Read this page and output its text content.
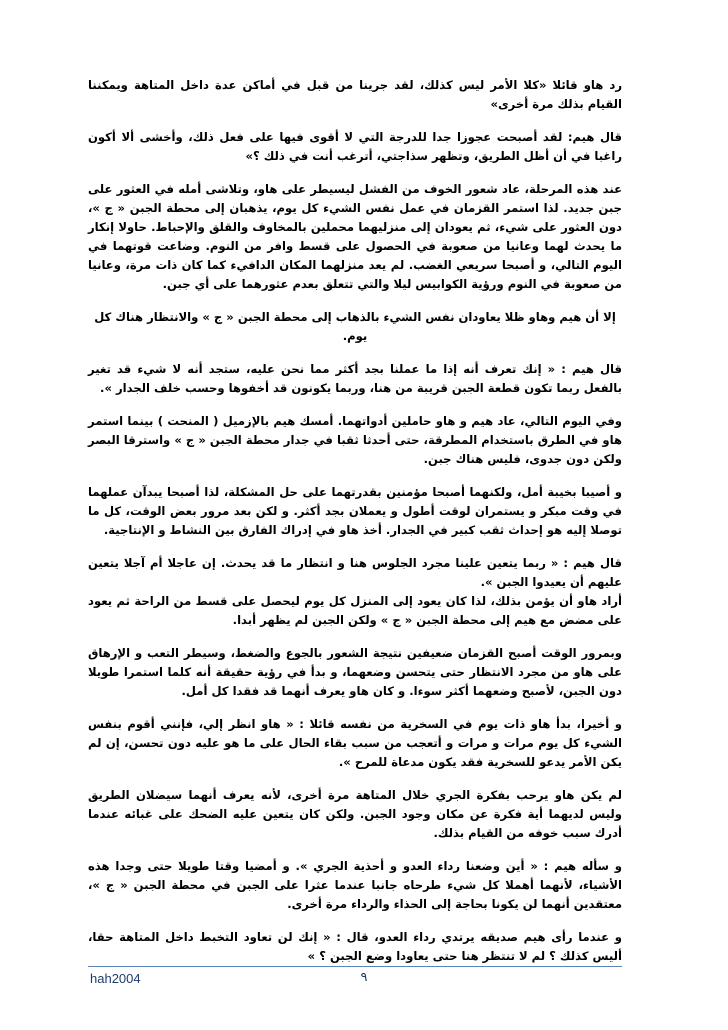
رد هاو قائلا «كلا الأمر ليس كذلك، لقد جرينا من قبل في أماكن عدة داخل المتاهة ويمكننا القيام بذلك مرة أخرى»

قال هيم: لقد أصبحت عجوزا جدا للدرجة التي لا أقوى فيها على فعل ذلك، وأخشى ألا أكون راغبا في أن أظل الطريق، وتظهر سذاجتي، أترغب أنت في ذلك ؟»

عند هذه المرحلة، عاد شعور الخوف من الفشل ليسيطر على هاو، وتلاشى أمله في العثور على جبن جديد. لذا استمر القزمان في عمل نفس الشيء كل يوم، يذهبان إلى محطة الجبن « ج »، دون العثور على شيء، ثم يعودان إلى منزليهما محملين بالمخاوف والقلق والإحباط. حاولا إنكار ما يحدث لهما وعانيا من صعوبة في الحصول على قسط وافر من النوم. وضاعت قوتهما في اليوم التالي، و أصبحا سريعي الغضب. لم يعد منزلهما المكان الدافيء كما كان ذات مرة، وعانيا من صعوبة في النوم ورؤية الكوابيس ليلا والتي تتعلق بعدم عثورهما على أي جبن.

إلا أن هيم وهاو ظلا يعاودان نفس الشيء بالذهاب إلى محطة الجبن « ج » والانتظار هناك كل يوم.

قال هيم : « إنك تعرف أنه إذا ما عملنا بجد أكثر مما نحن عليه، ستجد أنه لا شيء قد تغير بالفعل ربما تكون قطعة الجبن قريبة من هنا، وربما يكونون قد أخفوها وحسب خلف الجدار ».

وفي اليوم التالي، عاد هيم و هاو حاملين أدواتهما. أمسك هيم بالإزميل ( المنحت ) بينما استمر هاو في الطرق باستخدام المطرقة، حتى أحدثا ثقبا في جدار محطة الجبن « ج » واسترقا البصر ولكن دون جدوى، فليس هناك جبن.

و أصيبا بخيبة أمل، ولكنهما أصبحا مؤمنين بقدرتهما على حل المشكلة، لذا أصبحا يبدآن عملهما في وقت مبكر و يستمران لوقت أطول و يعملان بجد أكثر. و لكن بعد مرور بعض الوقت، كل ما توصلا إليه هو إحداث ثقب كبير في الجدار. أخذ هاو في إدراك الفارق بين النشاط و الإنتاجية.

قال هيم : « ربما يتعين علينا مجرد الجلوس هنا و انتظار ما قد يحدث. إن عاجلا أم آجلا يتعين عليهم أن يعيدوا الجبن ».

أراد هاو أن يؤمن بذلك، لذا كان يعود إلى المنزل كل يوم ليحصل على قسط من الراحة ثم يعود على مضض مع هيم إلى محطة الجبن « ج » ولكن الجبن لم يظهر أبدا.

وبمرور الوقت أصبح القزمان ضعيفين نتيجة الشعور بالجوع والضغط، وسيطر التعب و الإرهاق على هاو من مجرد الانتظار حتى يتحسن وضعهما، و بدأ في رؤية حقيقة أنه كلما استمرا طويلا دون الجبن، لأصبح وضعهما أكثر سوءا. و كان هاو يعرف أنهما قد فقدا كل أمل.

و أخيرا، بدأ هاو ذات يوم في السخرية من نفسه قائلا : « هاو انظر إلي، فإنني أقوم بنفس الشيء كل يوم مرات و مرات و أتعجب من سبب بقاء الحال على ما هو عليه دون تحسن، إن لم يكن الأمر يدعو للسخرية فقد يكون مدعاة للمرح ».

لم يكن هاو يرحب بفكرة الجري خلال المتاهة مرة أخرى، لأنه يعرف أنهما سيضلان الطريق وليس لديهما أية فكرة عن مكان وجود الجبن. ولكن كان يتعين عليه الضحك على غبائه عندما أدرك سبب خوفه من القيام بذلك.

و سأله هيم : « أين وضعنا رداء العدو و أحذية الجري ». و أمضيا وقتا طويلا حتى وجدا هذه الأشياء، لأنهما أهملا كل شيء طرحاه جانبا عندما عثرا على الجبن في محطة الجبن « ج »، معتقدين أنهما لن يكونا بحاجة إلى الحذاء والرداء مرة أخرى.

و عندما رأى هيم صديقه يرتدي رداء العدو، قال : « إنك لن تعاود التخبط داخل المتاهة حقا، أليس كذلك ؟ لم لا تنتظر هنا حتى يعاودا وضع الجبن ؟ »

hah2004	٩
